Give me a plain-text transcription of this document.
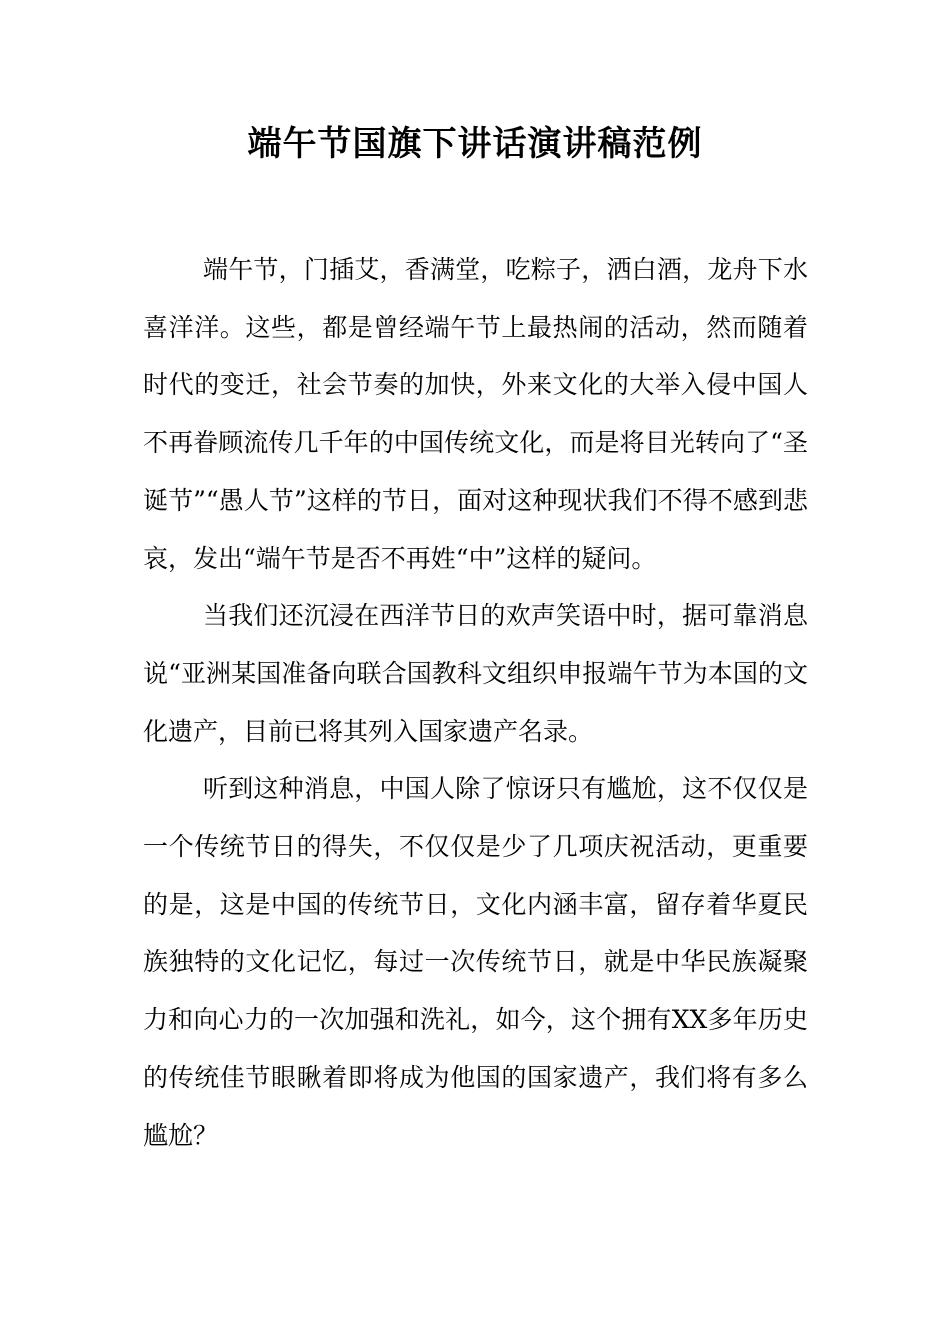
端午节国旗下讲话演讲稿范例

端午节，门插艾，香满堂，吃粽子，洒白酒，龙舟下水喜洋洋。这些，都是曾经端午节上最热闹的活动，然而随着时代的变迁，社会节奏的加快，外来文化的大举入侵中国人不再眷顾流传几千年的中国传统文化，而是将目光转向了“圣诞节”“愚人节”这样的节日，面对这种现状我们不得不感到悲哀，发出“端午节是否不再姓“中”这样的疑问。

当我们还沉浸在西洋节日的欢声笑语中时，据可靠消息说“亚洲某国准备向联合国教科文组织申报端午节为本国的文化遗产，目前已将其列入国家遗产名录。

听到这种消息，中国人除了惊讶只有尴尬，这不仅仅是一个传统节日的得失，不仅仅是少了几项庆祝活动，更重要的是，这是中国的传统节日，文化内涵丰富，留存着华夏民族独特的文化记忆，每过一次传统节日，就是中华民族凝聚力和向心力的一次加强和洗礼，如今，这个拥有XX多年历史的传统佳节眼瞅着即将成为他国的国家遗产，我们将有多么尴尬？
